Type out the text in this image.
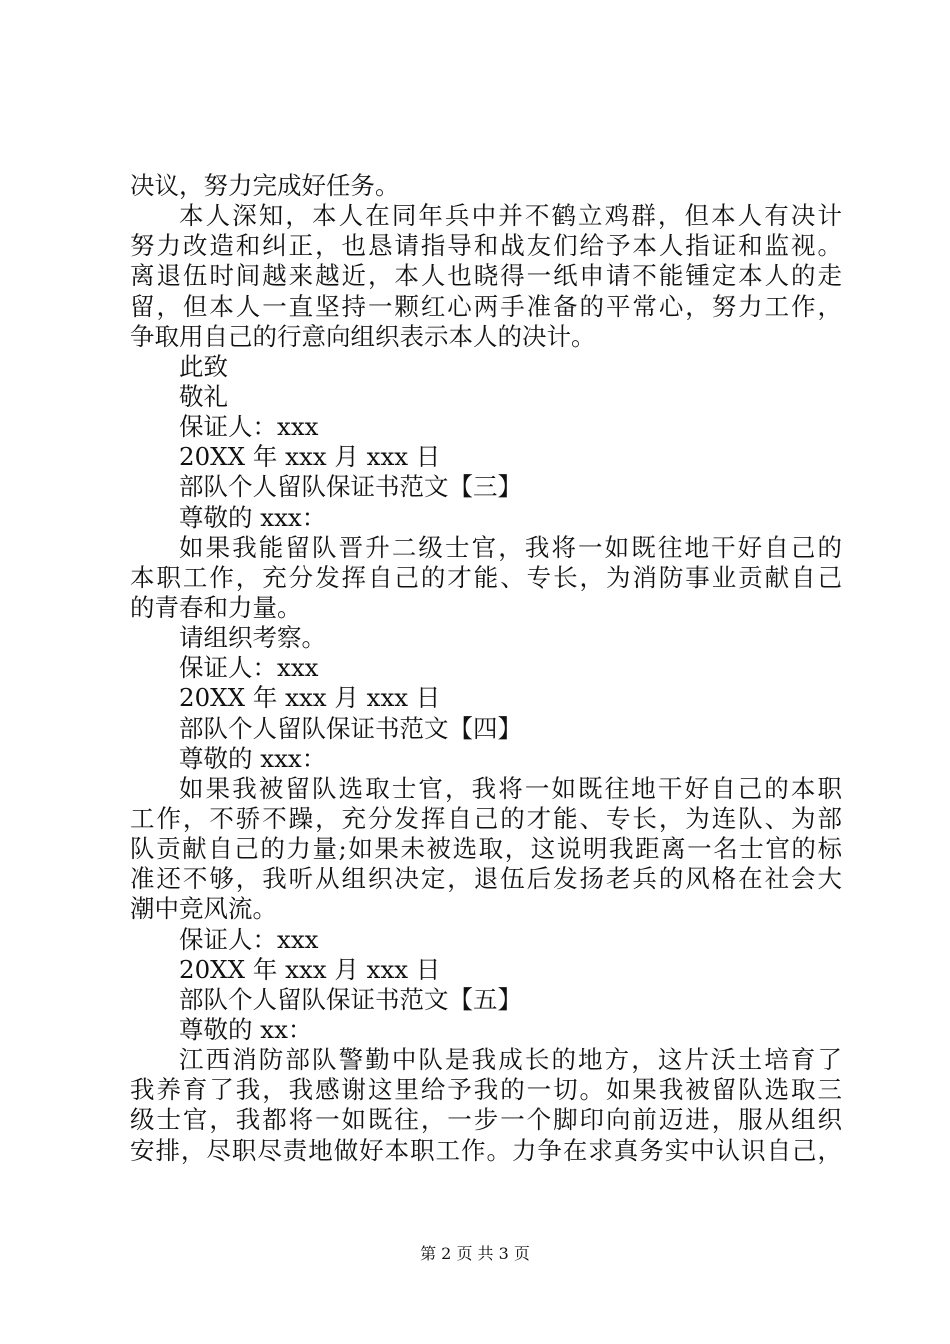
决议，努力完成好任务。
本人深知，本人在同年兵中并不鹤立鸡群，但本人有决计
努力改造和纠正，也恳请指导和战友们给予本人指证和监视。
离退伍时间越来越近，本人也晓得一纸申请不能锺定本人的走
留，但本人一直坚持一颗红心两手准备的平常心，努力工作，
争取用自己的行意向组织表示本人的决计。
此致
敬礼
保证人：xxx
20XX 年 xxx 月 xxx 日
部队个人留队保证书范文【三】
尊敬的 xxx：
如果我能留队晋升二级士官，我将一如既往地干好自己的
本职工作，充分发挥自己的才能、专长，为消防事业贡献自己
的青春和力量。
请组织考察。
保证人：xxx
20XX 年 xxx 月 xxx 日
部队个人留队保证书范文【四】
尊敬的 xxx：
如果我被留队选取士官，我将一如既往地干好自己的本职
工作，不骄不躁，充分发挥自己的才能、专长，为连队、为部
队贡献自己的力量;如果未被选取，这说明我距离一名士官的标
准还不够，我听从组织决定，退伍后发扬老兵的风格在社会大
潮中竞风流。
保证人：xxx
20XX 年 xxx 月 xxx 日
部队个人留队保证书范文【五】
尊敬的 xx：
江西消防部队警勤中队是我成长的地方，这片沃土培育了
我养育了我，我感谢这里给予我的一切。如果我被留队选取三
级士官，我都将一如既往，一步一个脚印向前迈进，服从组织
安排，尽职尽责地做好本职工作。力争在求真务实中认识自己，
第 2 页 共 3 页
